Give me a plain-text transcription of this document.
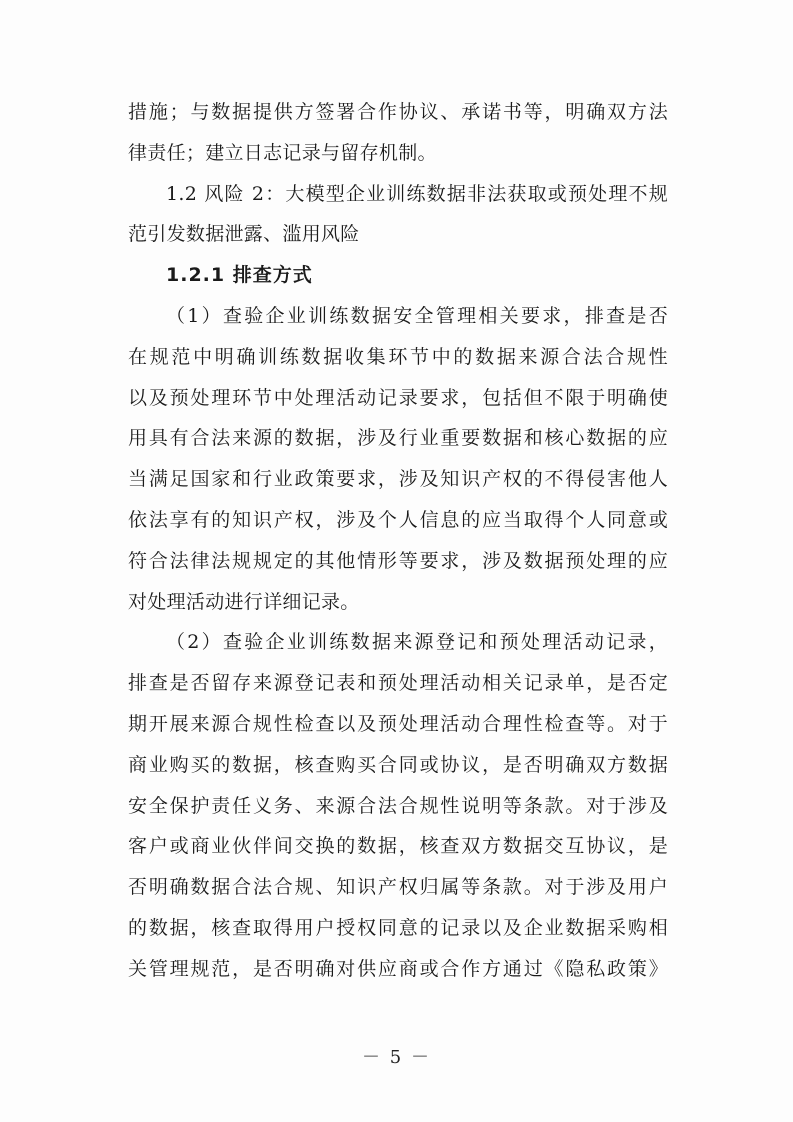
措施；与数据提供方签署合作协议、承诺书等，明确双方法
律责任；建立日志记录与留存机制。
1.2 风险 2：大模型企业训练数据非法获取或预处理不规
范引发数据泄露、滥用风险
1.2.1 排查方式
（1）查验企业训练数据安全管理相关要求，排查是否
在规范中明确训练数据收集环节中的数据来源合法合规性
以及预处理环节中处理活动记录要求，包括但不限于明确使
用具有合法来源的数据，涉及行业重要数据和核心数据的应
当满足国家和行业政策要求，涉及知识产权的不得侵害他人
依法享有的知识产权，涉及个人信息的应当取得个人同意或
符合法律法规规定的其他情形等要求，涉及数据预处理的应
对处理活动进行详细记录。
（2）查验企业训练数据来源登记和预处理活动记录，
排查是否留存来源登记表和预处理活动相关记录单，是否定
期开展来源合规性检查以及预处理活动合理性检查等。对于
商业购买的数据，核查购买合同或协议，是否明确双方数据
安全保护责任义务、来源合法合规性说明等条款。对于涉及
客户或商业伙伴间交换的数据，核查双方数据交互协议，是
否明确数据合法合规、知识产权归属等条款。对于涉及用户
的数据，核查取得用户授权同意的记录以及企业数据采购相
关管理规范，是否明确对供应商或合作方通过《隐私政策》
－ 5 －
